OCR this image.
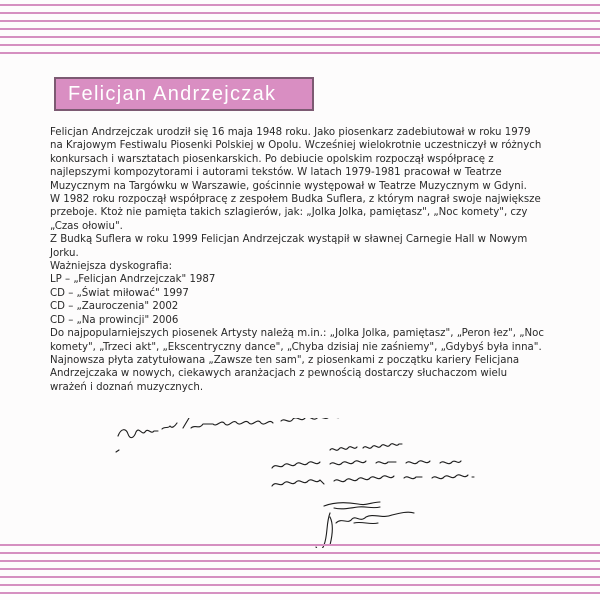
Felicjan Andrzejczak

Felicjan Andrzejczak urodził się 16 maja 1948 roku. Jako piosenkarz zadebiutował w roku 1979 na Krajowym Festiwalu Piosenki Polskiej w Opolu. Wcześniej wielokrotnie uczestniczył w różnych konkursach i warsztatach piosenkarskich. Po debiucie opolskim rozpoczął współpracę z najlepszymi kompozytorami i autorami tekstów. W latach 1979-1981 pracował w Teatrze Muzycznym na Targówku w Warszawie, gościnnie występował w Teatrze Muzycznym w Gdyni.

W 1982 roku rozpoczął współpracę z zespołem Budka Suflera, z którym nagrał swoje największe przeboje. Ktoż nie pamięta takich szlagierów, jak: „Jolka Jolka, pamiętasz", „Noc komety", czy „Czas ołowiu".

Z Budką Suflera w roku 1999 Felicjan Andrzejczak wystąpił w sławnej Carnegie Hall w Nowym Jorku.

Ważniejsza dyskografia:

LP – „Felicjan Andrzejczak" 1987

CD – „Świat miłować" 1997

CD – „Zauroczenia" 2002

CD – „Na prowincji" 2006

Do najpopularniejszych piosenek Artysty należą m.in.: „Jolka Jolka, pamiętasz", „Peron łez", „Noc komety", „Trzeci akt", „Ekscentryczny dance", „Chyba dzisiaj nie zaśniemy", „Gdybyś była inna".

Najnowsza płyta zatytułowana „Zawsze ten sam", z piosenkami z początku kariery Felicjana Andrzejczaka w nowych, ciekawych aranżacjach z pewnością dostarczy słuchaczom wielu wrażeń i doznań muzycznych.
